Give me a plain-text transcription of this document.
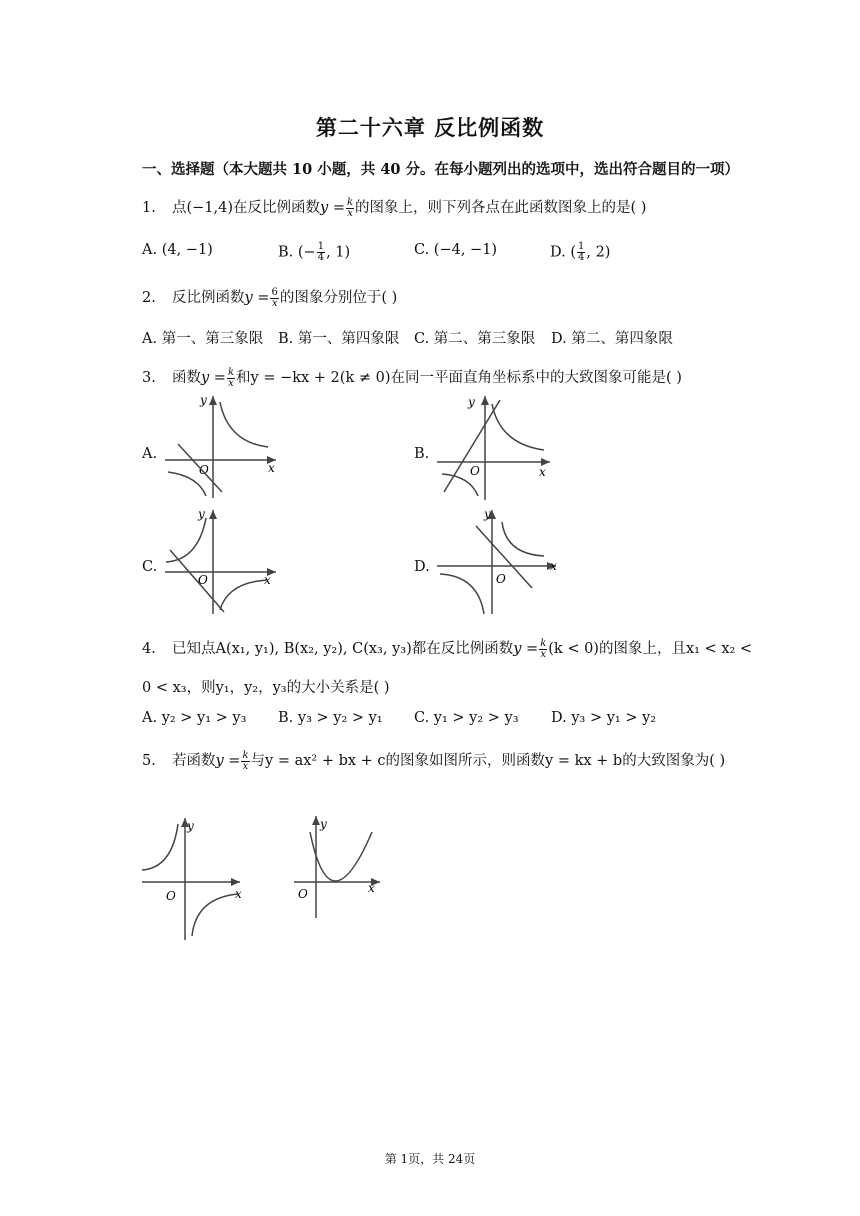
第二十六章 反比例函数
一、选择题（本大题共 10 小题，共 40 分。在每小题列出的选项中，选出符合题目的一项）
1. 点(−1,4)在反比例函数$y = \frac{k}{x}$ 的图象上，则下列各点在此函数图象上的是( )
A. (4, −1)	B. (− $\frac{1}{4}$ , 1)	C. (−4, −1)	D. ( $\frac{1}{4}$ , 2)
2. 反比例函数$y = \frac{6}{x}$ 的图象分别位于( )
A. 第一、第三象限 B. 第一、第四象限 C. 第二、第三象限 D. 第二、第四象限
3. 函数$y = \frac{k}{x}$ 和y = −kx + 2(k ≠ 0)在同一平面直角坐标系中的大致图象可能是( )
A.
x
y
O
B.
x
y
O
C.
x
y
O
D.	x
y
O
4. 已知点A(x₁, y₁), B(x₂, y₂), C(x₃, y₃)都在反比例函数$y = \frac{k}{x} (k < 0)$的图象上，且x₁ < x₂ <
0 < x₃，则y₁，y₂，y₃的大小关系是( )
A. y₂ > y₁ > y₃ B. y₃ > y₂ > y₁ C. y₁ > y₂ > y₃ D. y₃ > y₁ > y₂
5. 若函数$y = \frac{k}{x}$ 与y = ax² + bx + c的图象如图所示，则函数y = kx + b的大致图象为( )
x
y
O
x
y
O
第 1页，共 24页
